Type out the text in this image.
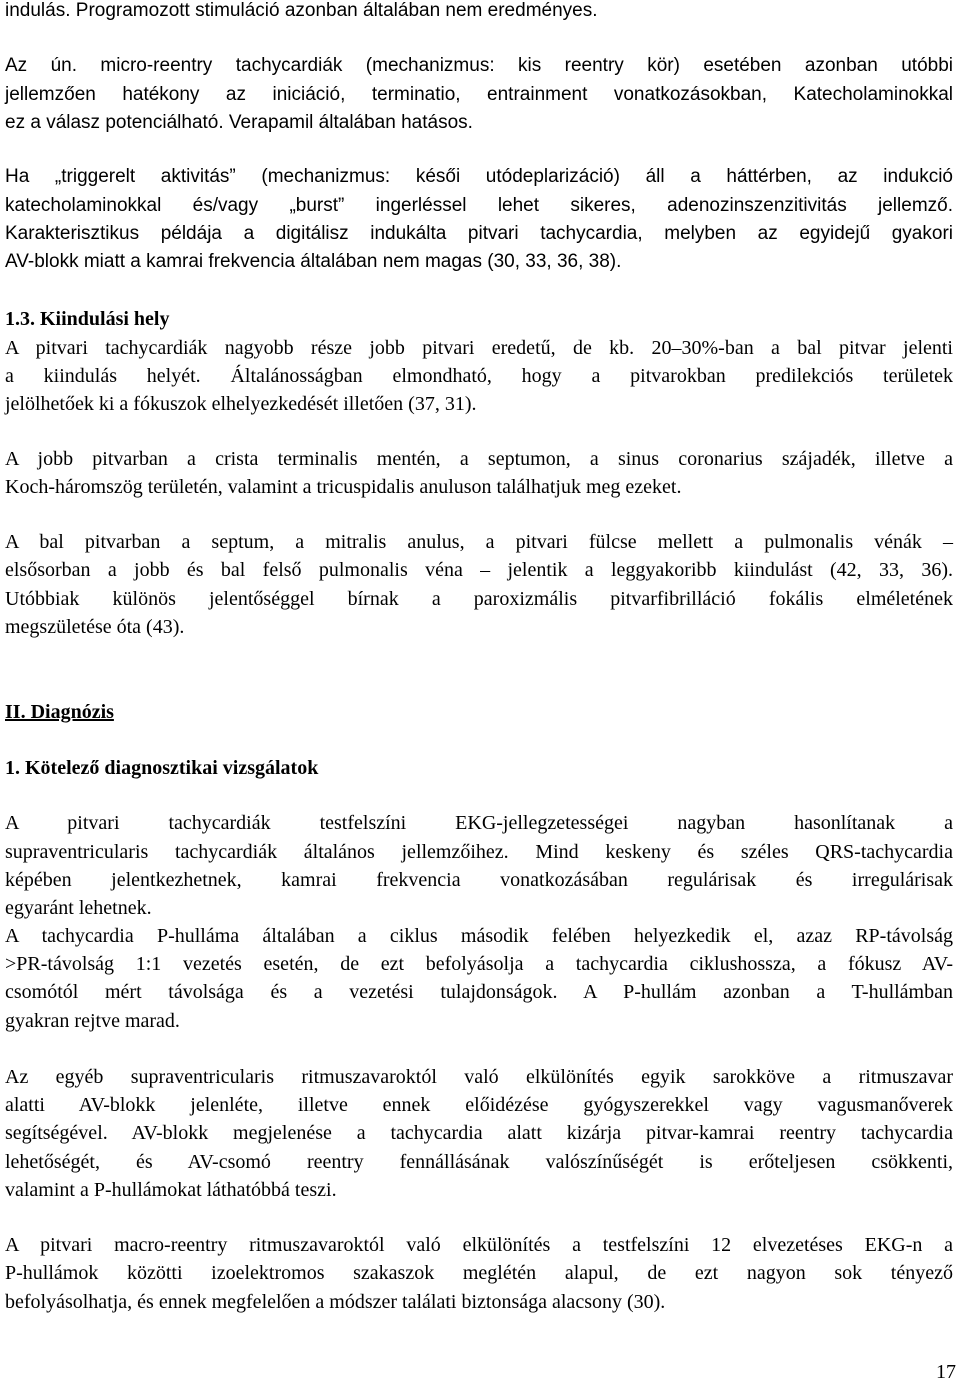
indulás. Programozott stimuláció azonban általában nem eredményes.
Az ún. micro-reentry tachycardiák (mechanizmus: kis reentry kör) esetében azonban utóbbi
jellemzően hatékony az iniciáció, terminatio, entrainment vonatkozásokban, Katecholaminokkal
ez a válasz potenciálható. Verapamil általában hatásos.
Ha „triggerelt aktivitás” (mechanizmus: késői utódeplarizáció) áll a háttérben, az indukció
katecholaminokkal és/vagy „burst” ingerléssel lehet sikeres, adenozinszenzitivitás jellemző.
Karakterisztikus példája a digitálisz indukálta pitvari tachycardia, melyben az egyidejű gyakori
AV-blokk miatt a kamrai frekvencia általában nem magas (30, 33, 36, 38).
1.3. Kiindulási hely
A pitvari tachycardiák nagyobb része jobb pitvari eredetű, de kb. 20–30%-ban a bal pitvar jelenti
a kiindulás helyét. Általánosságban elmondható, hogy a pitvarokban predilekciós területek
jelölhetőek ki a fókuszok elhelyezkedését illetően (37, 31).
A jobb pitvarban a crista terminalis mentén, a septumon, a sinus coronarius szájadék, illetve a
Koch-háromszög területén, valamint a tricuspidalis anuluson találhatjuk meg ezeket.
A bal pitvarban a septum, a mitralis anulus, a pitvari fülcse mellett a pulmonalis vénák –
elsősorban a jobb és bal felső pulmonalis véna – jelentik a leggyakoribb kiindulást (42, 33, 36).
Utóbbiak különös jelentőséggel bírnak a paroxizmális pitvarfibrilláció fokális elméletének
megszületése óta (43).
II. Diagnózis
1. Kötelező diagnosztikai vizsgálatok
A pitvari tachycardiák testfelszíni EKG-jellegzetességei nagyban hasonlítanak a
supraventricularis tachycardiák általános jellemzőihez. Mind keskeny és széles QRS-tachycardia
képében jelentkezhetnek, kamrai frekvencia vonatkozásában regulárisak és irregulárisak
egyaránt lehetnek.
A tachycardia P-hulláma általában a ciklus második felében helyezkedik el, azaz RP-távolság
>PR-távolság 1:1 vezetés esetén, de ezt befolyásolja a tachycardia ciklushossza, a fókusz AV-
csomótól mért távolsága és a vezetési tulajdonságok. A P-hullám azonban a T-hullámban
gyakran rejtve marad.
Az egyéb supraventricularis ritmuszavaroktól való elkülönítés egyik sarokköve a ritmuszavar
alatti AV-blokk jelenléte, illetve ennek előidézése gyógyszerekkel vagy vagusmanőverek
segítségével. AV-blokk megjelenése a tachycardia alatt kizárja pitvar-kamrai reentry tachycardia
lehetőségét, és AV-csomó reentry fennállásának valószínűségét is erőteljesen csökkenti,
valamint a P-hullámokat láthatóbbá teszi.
A pitvari macro-reentry ritmuszavaroktól való elkülönítés a testfelszíni 12 elvezetéses EKG-n a
P-hullámok közötti izoelektromos szakaszok meglétén alapul, de ezt nagyon sok tényező
befolyásolhatja, és ennek megfelelően a módszer találati biztonsága alacsony (30).
17
